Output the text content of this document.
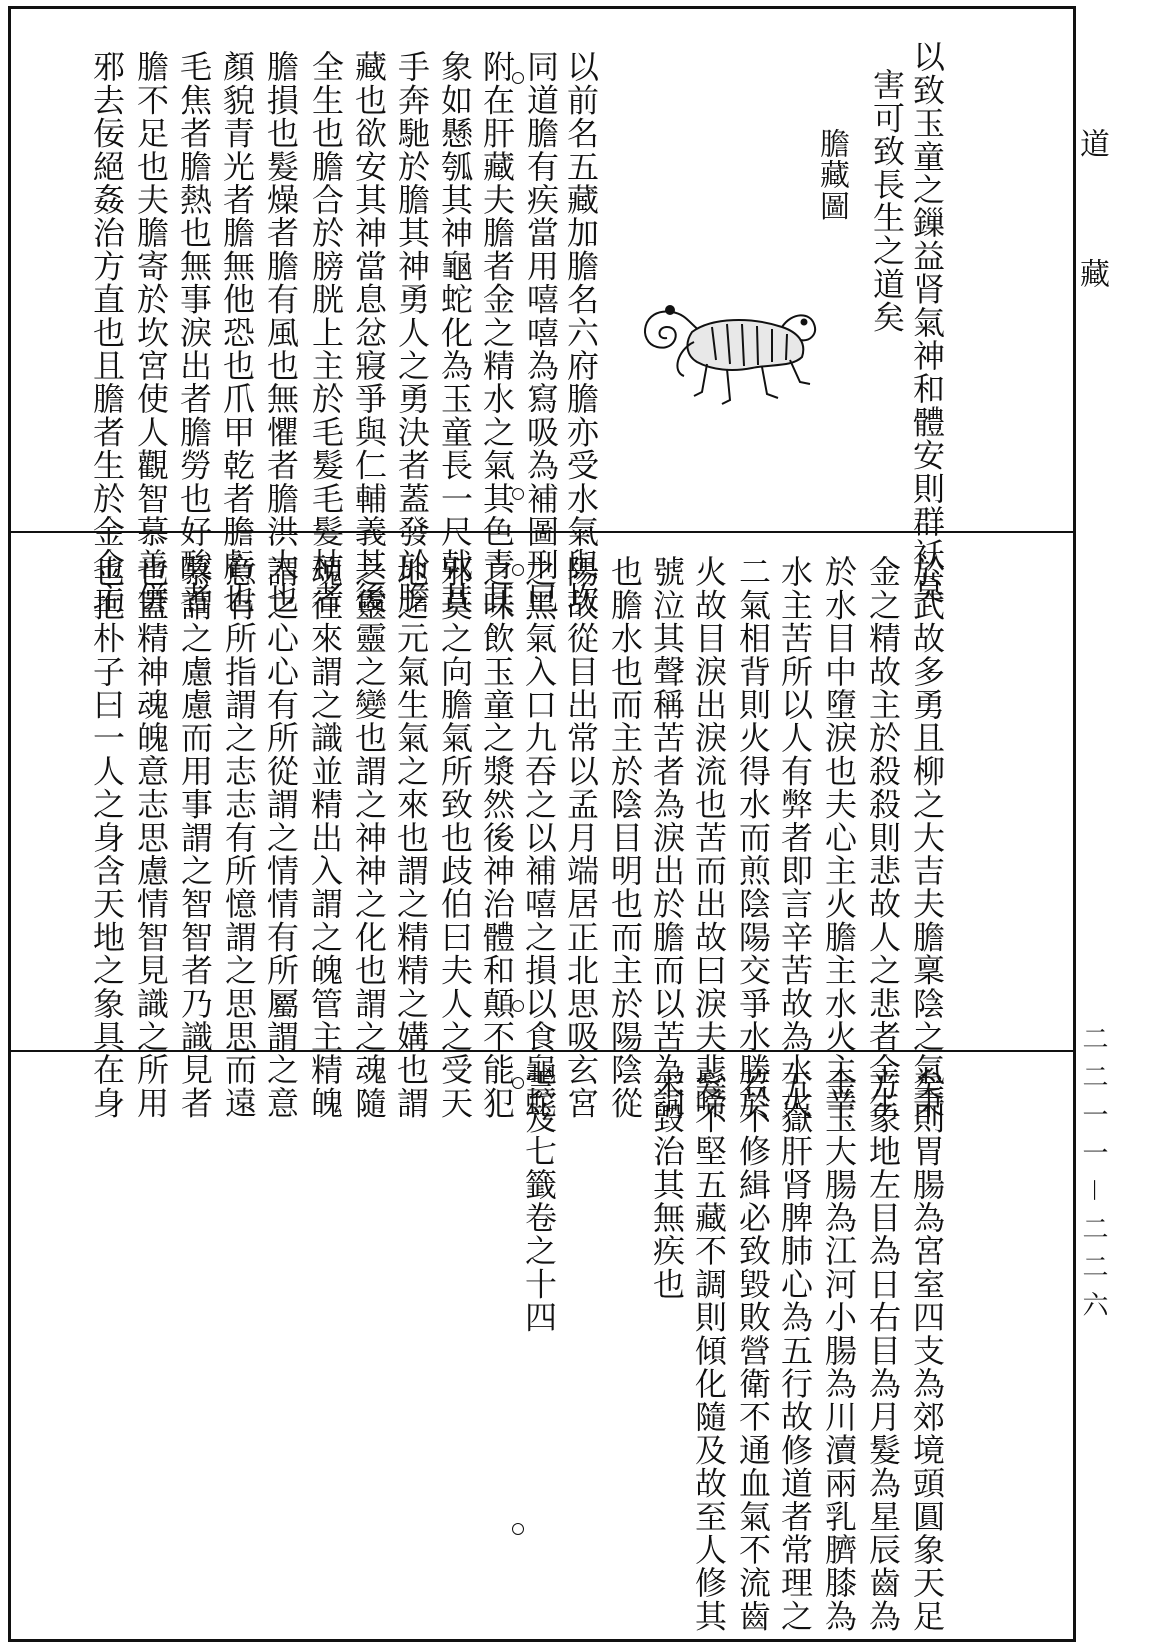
道
藏
二二一一－二二六
以致玉童之鏁益肾氣神和體安則群袄莫
害可致長生之道矣
膽藏圖
以前名五藏加膽名六府膽亦受水氣與坎
同道膽有疾當用嘻嘻為寫吸為補圖刑巳
附在肝藏夫膽者金之精水之氣其色青其
象如懸瓠其神龜蛇化為玉童長一尺戟其
手奔馳於膽其神勇人之勇決者蓋發於膽
藏也欲安其神當息忿寢爭與仁輔義其後
全生也膽合於膀胱上主於毛髮毛髮枯者
膽損也髮燥者膽有風也無懼者膽洪大也
顏貌青光者膽無他恐也爪甲乾者膽虧也
毛焦者膽熱也無事淚出者膽勞也好酸者
膽不足也夫膽寄於坎宮使人觀智慕善併
邪去佞絕姦治方直也且膽者生於金金主
於武故多勇且柳之大吉夫膽稟陰之氣秉
金之精故主於殺殺則悲故人之悲者金生
於水目中墮淚也夫心主火膽主水火主辛
水主苦所以人有弊者即言辛苦故為水火
二氣相背則火得水而煎陰陽交爭水勝於
火故目淚出淚流也苦而出故曰淚夫悲啼
號泣其聲稱苦者為淚出於膽而以苦為詞
也膽水也而主於陰目明也而主於陽陰從
陽故從目出常以孟月端居正北思吸玄宮
之黑氣入口九吞之以補嘻之損以食龜蛇
之味飲玉童之漿然後神治體和顛不能犯
邪莫之向膽氣所致也歧伯曰夫人之受天
地之元氣生氣之來也謂之精精之媾也謂
之靈靈之變也謂之神神之化也謂之魂隨
魂往來謂之識並精出入謂之魄管主精魄
謂之心心有所從謂之情情有所屬謂之意
意有所指謂之志志有所憶謂之思思而遠
慕謂之慮慮而用事謂之智智者乃識見者
也蓋精神魂魄意志思慮情智見識之所用
也抱朴子曰一人之身含天地之象具在身
矣則胃腸為宮室四支為郊境頭圓象天足
方象地左目為日右目為月髮為星辰齒為
金玉大腸為江河小腸為川瀆兩乳臍膝為
五嶽肝肾脾肺心為五行故修道者常理之
若不修緝必致毀敗營衛不通血氣不流齒
髮不堅五藏不調則傾化隨及故至人修其
未毀治其無疾也
雲笈七籤卷之十四
